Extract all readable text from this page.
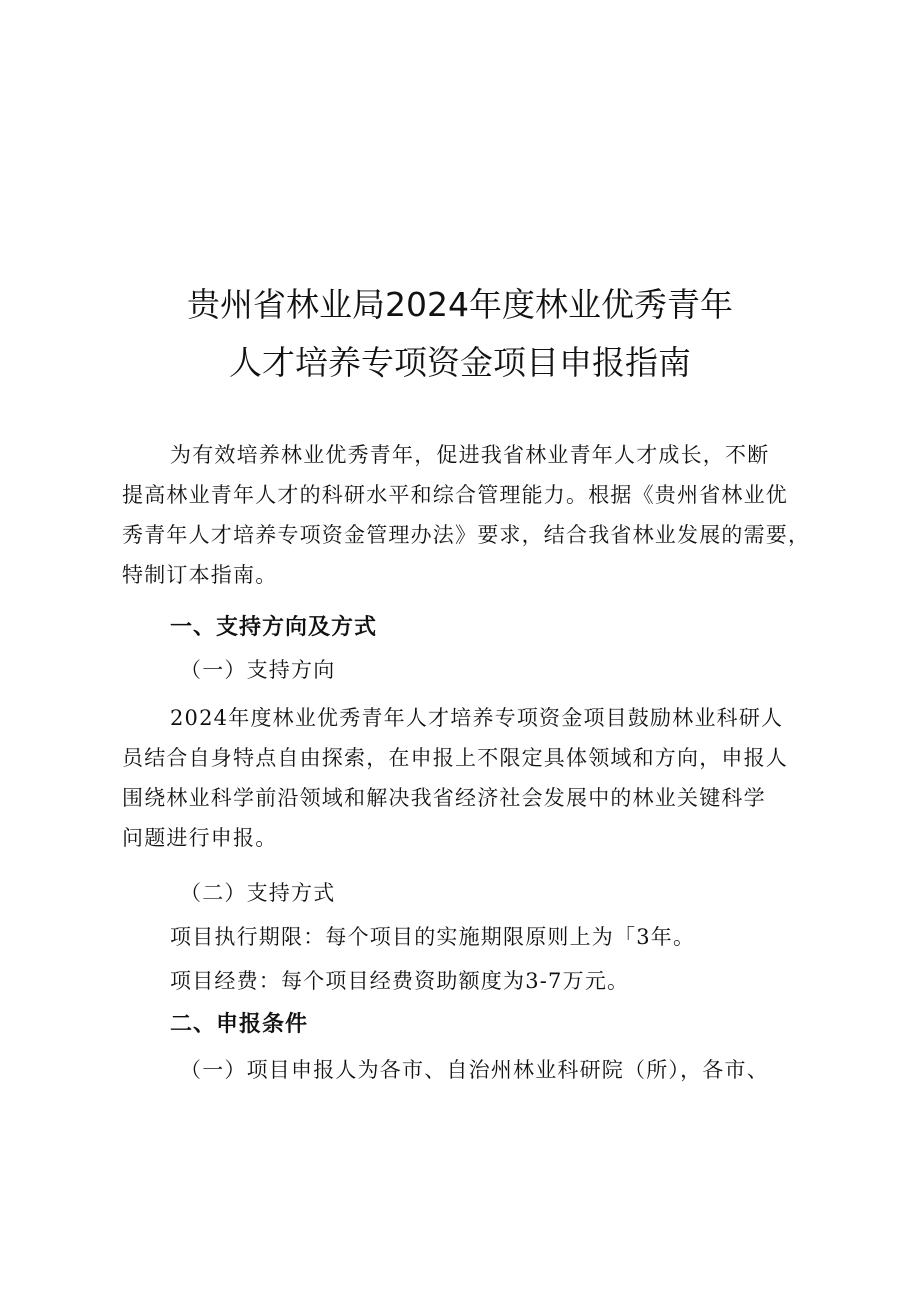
贵州省林业局2024年度林业优秀青年
人才培养专项资金项目申报指南
为有效培养林业优秀青年，促进我省林业青年人才成长，不断
提高林业青年人才的科研水平和综合管理能力。根据《贵州省林业优
秀青年人才培养专项资金管理办法》要求，结合我省林业发展的需要，
特制订本指南。
一、支持方向及方式
（一）支持方向
2024年度林业优秀青年人才培养专项资金项目鼓励林业科研人
员结合自身特点自由探索，在申报上不限定具体领域和方向，申报人
围绕林业科学前沿领域和解决我省经济社会发展中的林业关键科学
问题进行申报。
（二）支持方式
项目执行期限：每个项目的实施期限原则上为「3年。
项目经费：每个项目经费资助额度为3-7万元。
二、申报条件
（一）项目申报人为各市、自治州林业科研院（所），各市、
